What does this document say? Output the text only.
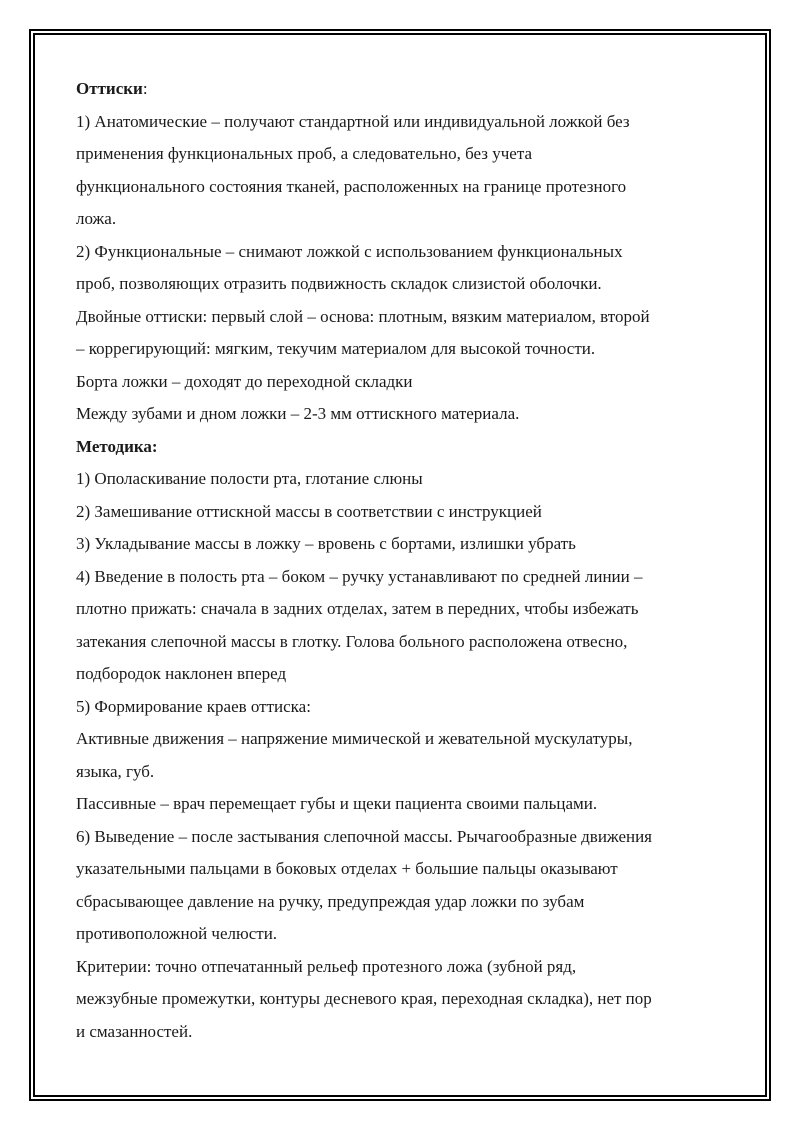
Оттиски:
1) Анатомические – получают стандартной или индивидуальной ложкой без
применения функциональных проб, а следовательно, без учета
функционального состояния тканей, расположенных на границе протезного
ложа.
2) Функциональные – снимают ложкой с использованием функциональных
проб, позволяющих отразить подвижность складок слизистой оболочки.
Двойные оттиски: первый слой – основа: плотным, вязким материалом, второй
– коррегирующий: мягким, текучим материалом для высокой точности.
Борта ложки – доходят до переходной складки
Между зубами и дном ложки – 2-3 мм оттискного материала.
Методика:
1) Ополаскивание полости рта, глотание слюны
2) Замешивание оттискной массы в соответствии с инструкцией
3) Укладывание массы в ложку – вровень с бортами, излишки убрать
4) Введение в полость рта – боком – ручку устанавливают по средней линии –
плотно прижать: сначала в задних отделах, затем в передних, чтобы избежать
затекания слепочной массы в глотку. Голова больного расположена отвесно,
подбородок наклонен вперед
5) Формирование краев оттиска:
Активные движения – напряжение мимической и жевательной мускулатуры,
языка, губ.
Пассивные – врач перемещает губы и щеки пациента своими пальцами.
6) Выведение – после застывания слепочной массы. Рычагообразные движения
указательными пальцами в боковых отделах + большие пальцы оказывают
сбрасывающее давление на ручку, предупреждая удар ложки по зубам
противоположной челюсти.
Критерии: точно отпечатанный рельеф протезного ложа (зубной ряд,
межзубные промежутки, контуры десневого края, переходная складка), нет пор
и смазанностей.
